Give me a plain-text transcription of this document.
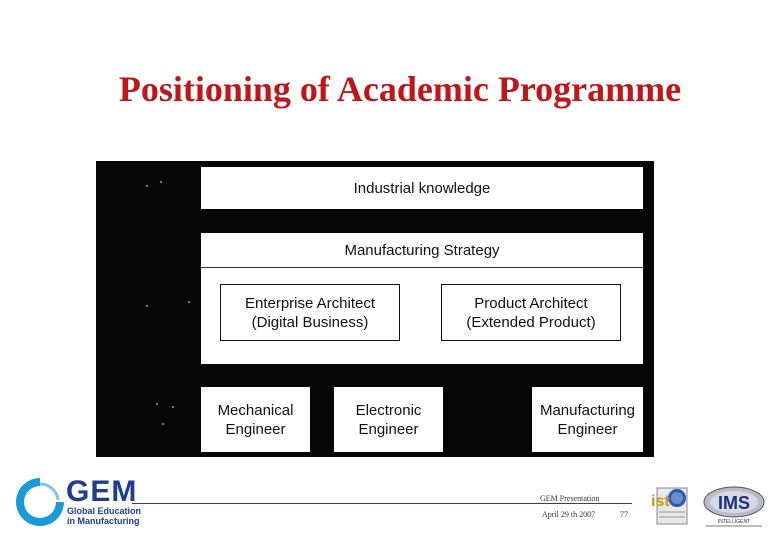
Positioning of Academic Programme
Industrial knowledge
Manufacturing Strategy
Enterprise Architect
(Digital Business)
Product Architect
(Extended Product)
Mechanical
Engineer
Electronic
Engineer
Manufacturing
Engineer
GEM
Global Education
in Manufacturing
GEM Presentation
April 29 th 2007	77
ist	IMS
INTELLIGENT
